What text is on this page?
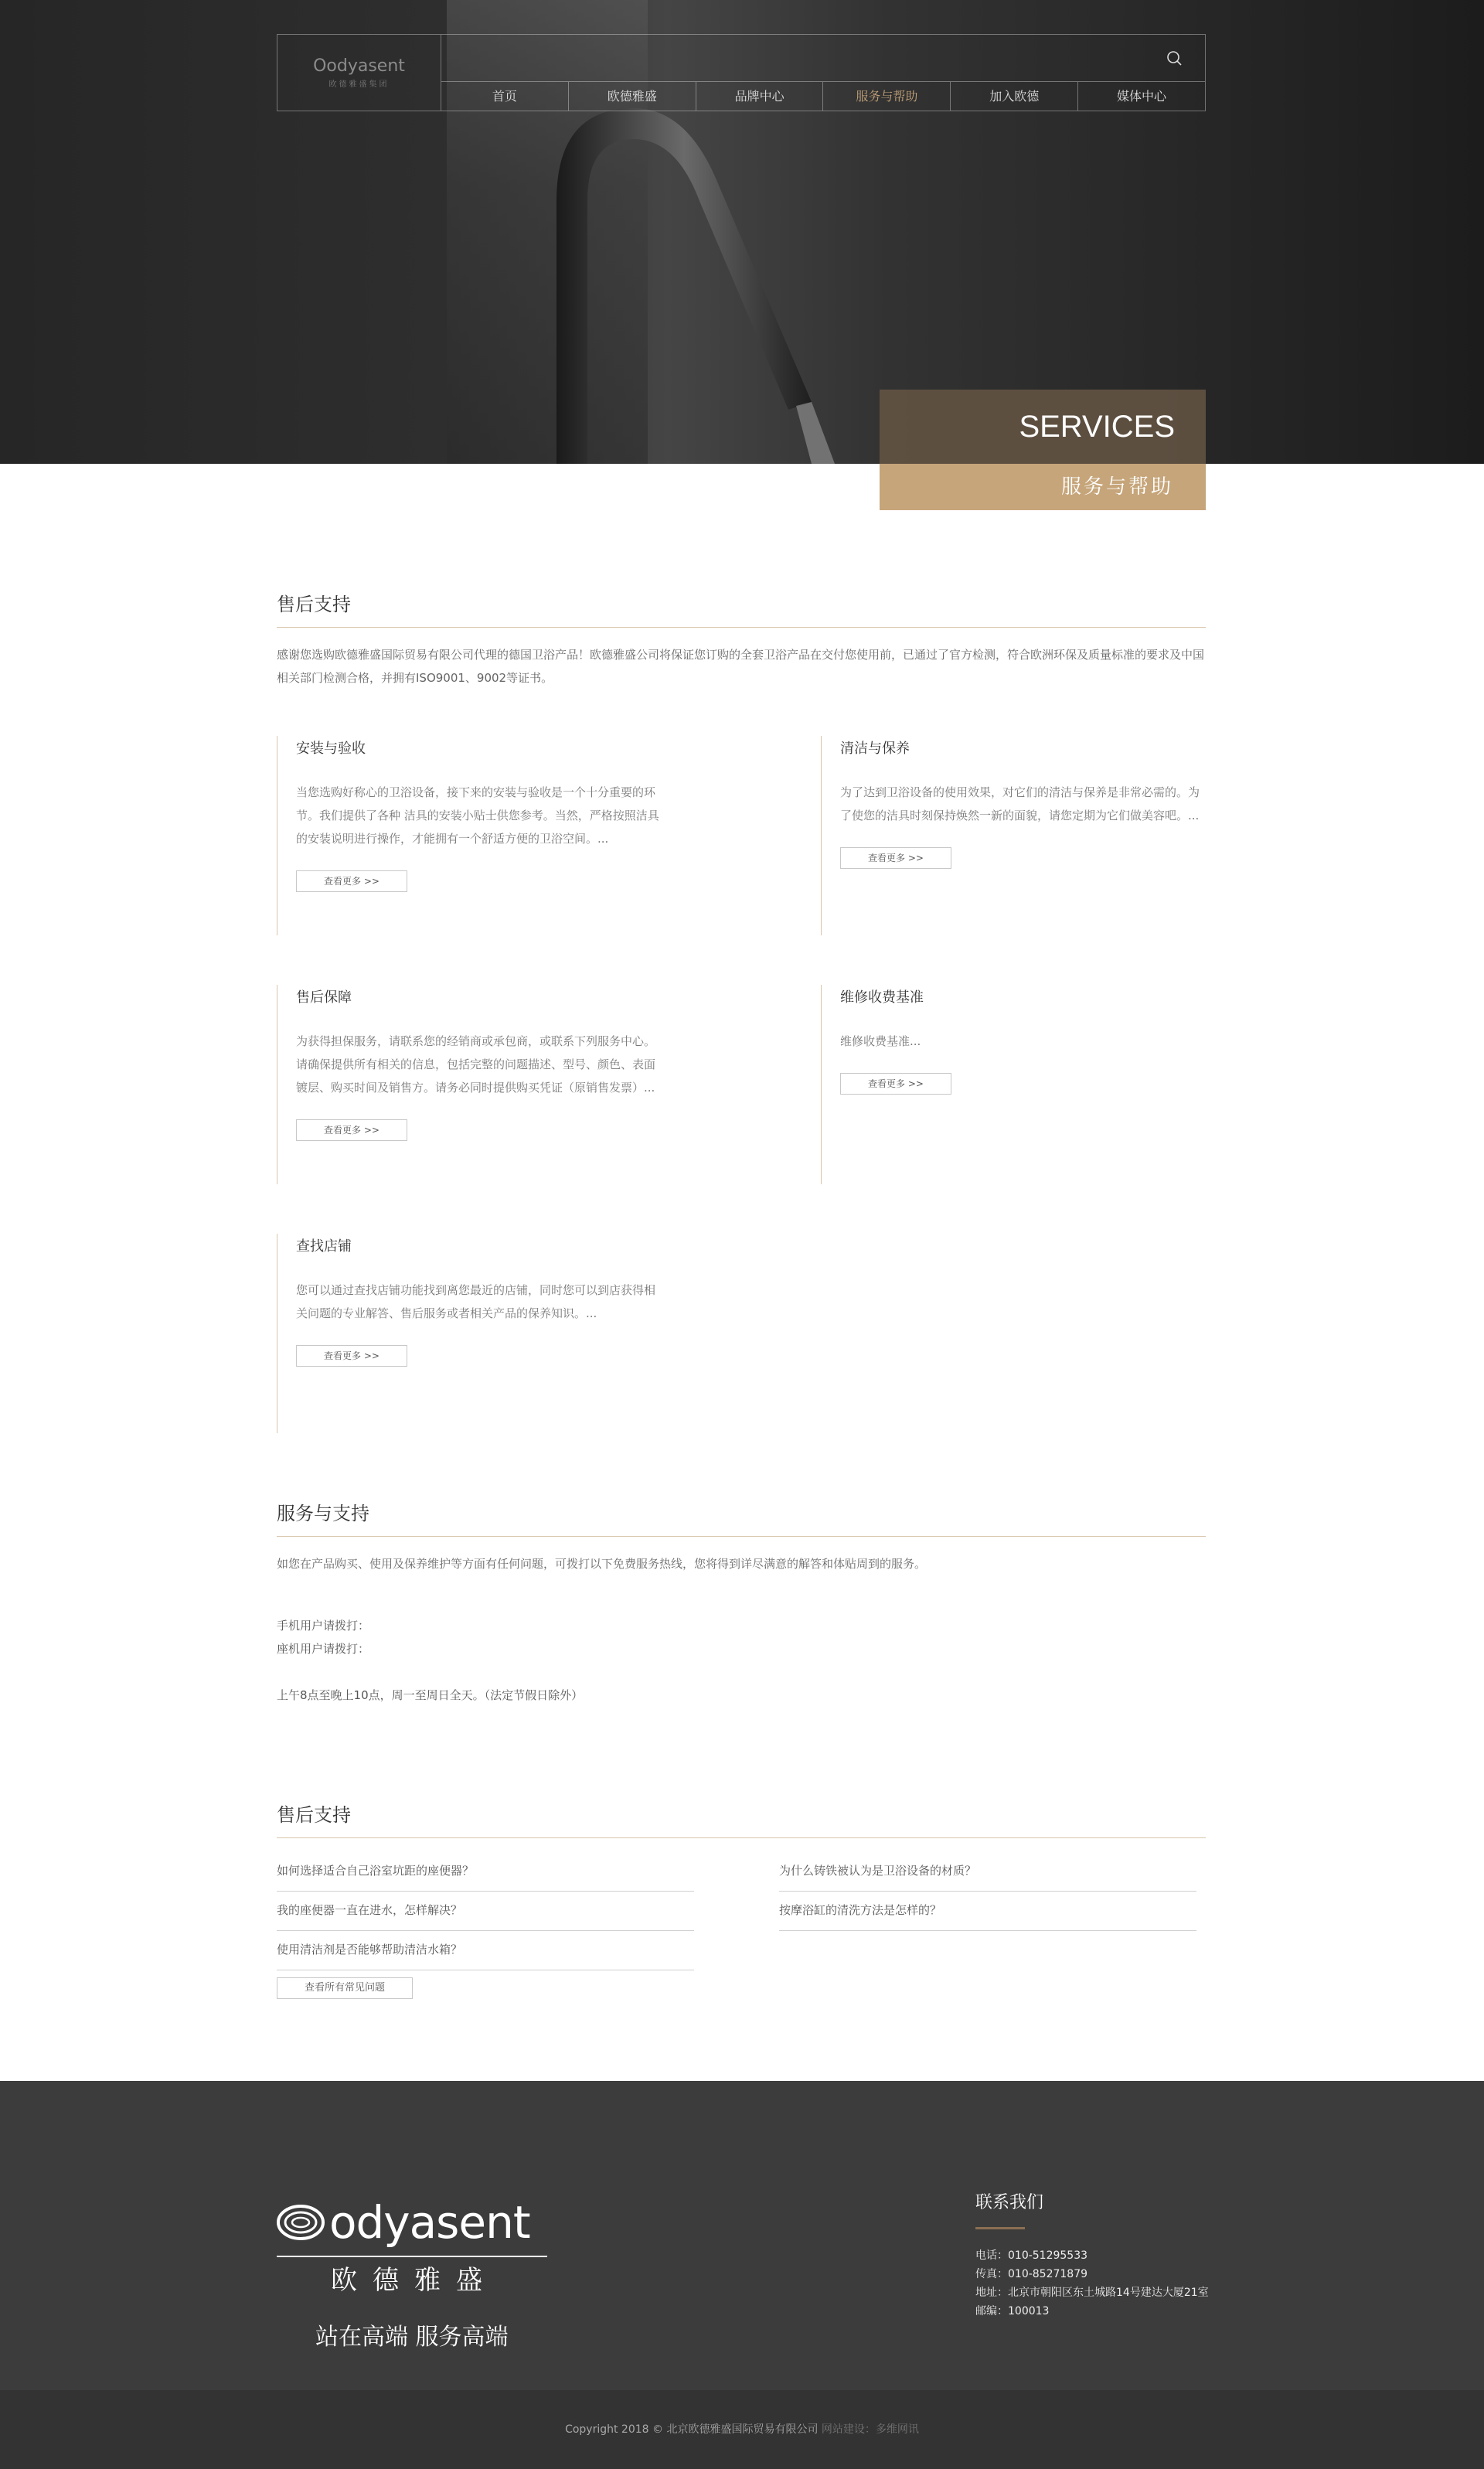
Oodyasent
欧德雅盛集团
首页	欧德雅盛	品牌中心	服务与帮助	加入欧德	媒体中心
SERVICES
服务与帮助
售后支持
感谢您选购欧德雅盛国际贸易有限公司代理的德国卫浴产品！欧德雅盛公司将保证您订购的全套卫浴产品在交付您使用前，已通过了官方检测，符合欧洲环保及质量标准的要求及中国相关部门检测合格，并拥有ISO9001、9002等证书。
安装与验收
当您选购好称心的卫浴设备，接下来的安装与验收是一个十分重要的环节。我们提供了各种 洁具的安装小贴士供您参考。当然，严格按照洁具的安装说明进行操作，才能拥有一个舒适方便的卫浴空间。...
查看更多 >>
清洁与保养
为了达到卫浴设备的使用效果，对它们的清洁与保养是非常必需的。为了使您的洁具时刻保持焕然一新的面貌，请您定期为它们做美容吧。...
查看更多 >>
售后保障
为获得担保服务，请联系您的经销商或承包商，或联系下列服务中心。请确保提供所有相关的信息，包括完整的问题描述、型号、颜色、表面镀层、购买时间及销售方。请务必同时提供购买凭证（原销售发票）...
查看更多 >>
维修收费基准
维修收费基准...
查看更多 >>
查找店铺
您可以通过查找店铺功能找到离您最近的店铺，同时您可以到店获得相关问题的专业解答、售后服务或者相关产品的保养知识。...
查看更多 >>
服务与支持
如您在产品购买、使用及保养维护等方面有任何问题，可拨打以下免费服务热线，您将得到详尽满意的解答和体贴周到的服务。
手机用户请拨打：
座机用户请拨打：
上午8点至晚上10点，周一至周日全天。（法定节假日除外）
售后支持
如何选择适合自己浴室坑距的座便器？
我的座便器一直在进水，怎样解决？
使用清洁剂是否能够帮助清洁水箱？
为什么铸铁被认为是卫浴设备的材质？
按摩浴缸的清洗方法是怎样的？
查看所有常见问题
odyasent
欧德雅盛
站在高端 服务高端
联系我们
电话：010-51295533
传真：010-85271879
地址：北京市朝阳区东土城路14号建达大厦21室
邮编：100013
Copyright 2018 © 北京欧德雅盛国际贸易有限公司 网站建设：多维网讯
